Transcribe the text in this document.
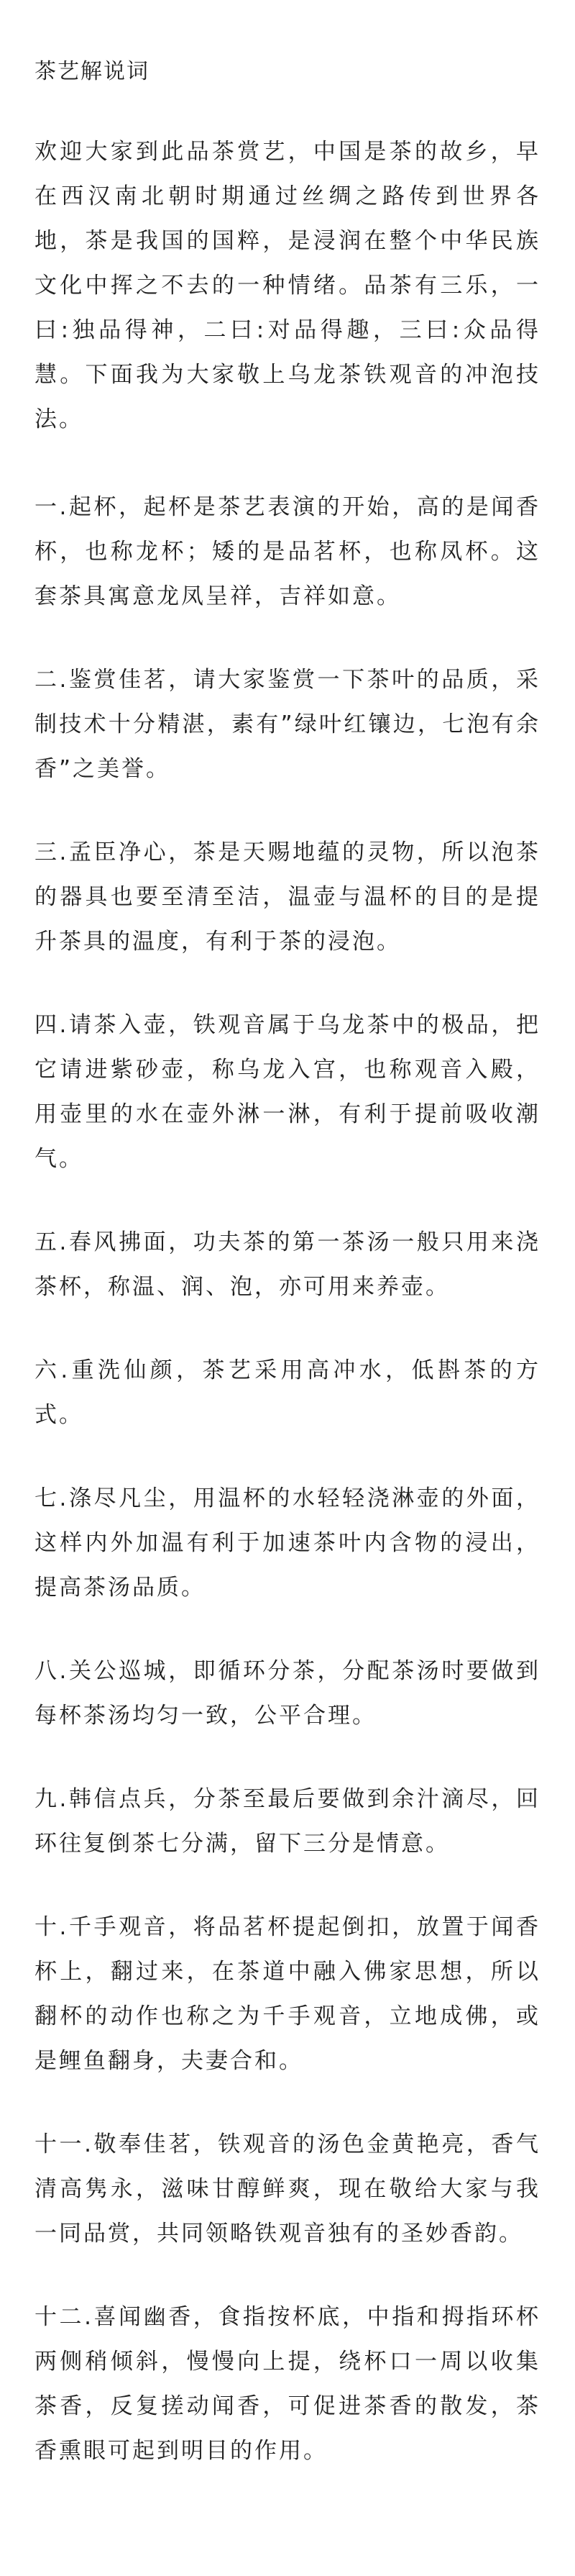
茶艺解说词

欢迎大家到此品茶赏艺，中国是茶的故乡，早在西汉南北朝时期通过丝绸之路传到世界各地，茶是我国的国粹，是浸润在整个中华民族文化中挥之不去的一种情绪。品茶有三乐，一曰:独品得神，二曰:对品得趣，三曰:众品得慧。下面我为大家敬上乌龙茶铁观音的冲泡技法。

一.起杯，起杯是茶艺表演的开始，高的是闻香杯，也称龙杯；矮的是品茗杯，也称凤杯。这套茶具寓意龙凤呈祥，吉祥如意。

二.鉴赏佳茗，请大家鉴赏一下茶叶的品质，采制技术十分精湛，素有”绿叶红镶边，七泡有余香”之美誉。

三.孟臣净心，茶是天赐地蕴的灵物，所以泡茶的器具也要至清至洁，温壶与温杯的目的是提升茶具的温度，有利于茶的浸泡。

四.请茶入壶，铁观音属于乌龙茶中的极品，把它请进紫砂壶，称乌龙入宫，也称观音入殿，用壶里的水在壶外淋一淋，有利于提前吸收潮气。

五.春风拂面，功夫茶的第一茶汤一般只用来浇茶杯，称温、润、泡，亦可用来养壶。

六.重洗仙颜，茶艺采用高冲水，低斟茶的方式。

七.涤尽凡尘，用温杯的水轻轻浇淋壶的外面，这样内外加温有利于加速茶叶内含物的浸出，提高茶汤品质。

八.关公巡城，即循环分茶，分配茶汤时要做到每杯茶汤均匀一致，公平合理。

九.韩信点兵，分茶至最后要做到余汁滴尽，回环往复倒茶七分满，留下三分是情意。

十.千手观音，将品茗杯提起倒扣，放置于闻香杯上，翻过来，在茶道中融入佛家思想，所以翻杯的动作也称之为千手观音，立地成佛，或是鲤鱼翻身，夫妻合和。

十一.敬奉佳茗，铁观音的汤色金黄艳亮，香气清高隽永，滋味甘醇鲜爽，现在敬给大家与我一同品赏，共同领略铁观音独有的圣妙香韵。

十二.喜闻幽香，食指按杯底，中指和拇指环杯两侧稍倾斜，慢慢向上提，绕杯口一周以收集茶香，反复搓动闻香，可促进茶香的散发，茶香熏眼可起到明目的作用。
